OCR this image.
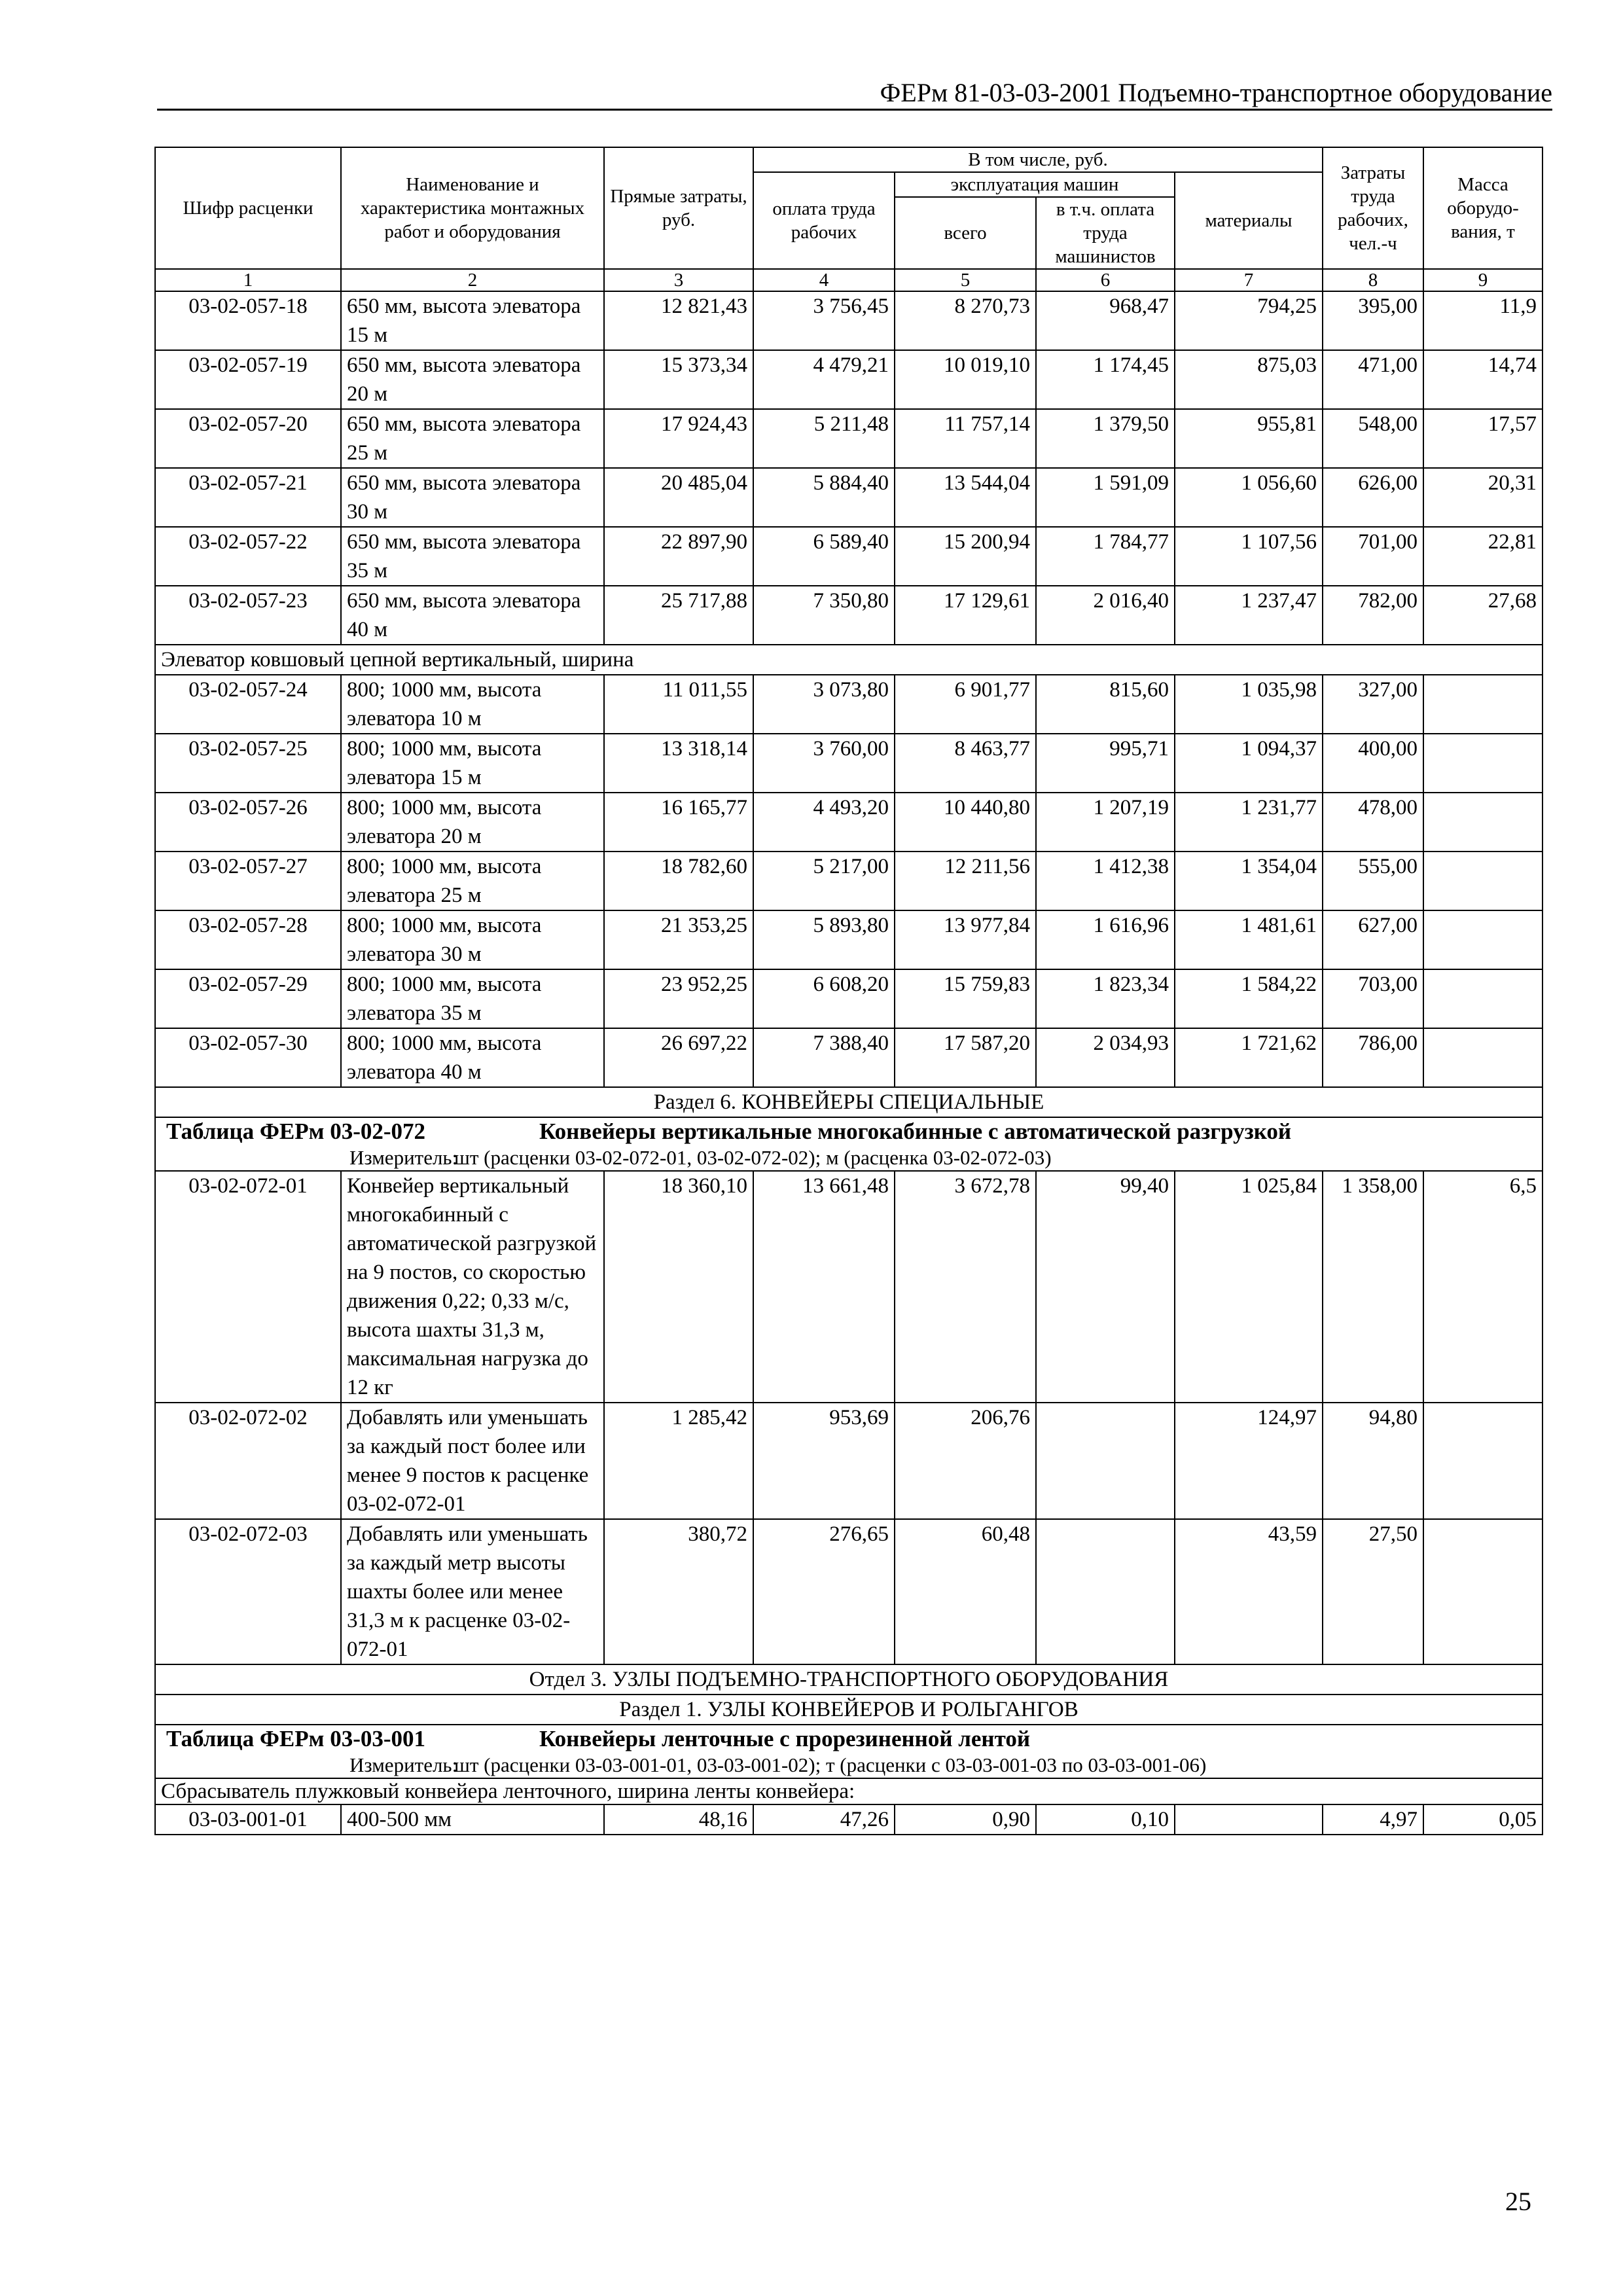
ФЕРм 81-03-03-2001 Подъемно-транспортное оборудование
Шифр расценки	Наименование и характеристика монтажных работ и оборудования	Прямые затраты, руб.	В том числе, руб.				Затраты труда рабочих, чел.-ч	Масса оборудо-вания, т
			оплата труда рабочих	эксплуатация машин		материалы		
				всего	в т.ч. оплата труда машинистов			
1	2	3	4	5	6	7	8	9
03-02-057-18	650 мм, высота элеватора 15 м	12 821,43	3 756,45	8 270,73	968,47	794,25	395,00	11,9
03-02-057-19	650 мм, высота элеватора 20 м	15 373,34	4 479,21	10 019,10	1 174,45	875,03	471,00	14,74
03-02-057-20	650 мм, высота элеватора 25 м	17 924,43	5 211,48	11 757,14	1 379,50	955,81	548,00	17,57
03-02-057-21	650 мм, высота элеватора 30 м	20 485,04	5 884,40	13 544,04	1 591,09	1 056,60	626,00	20,31
03-02-057-22	650 мм, высота элеватора 35 м	22 897,90	6 589,40	15 200,94	1 784,77	1 107,56	701,00	22,81
03-02-057-23	650 мм, высота элеватора 40 м	25 717,88	7 350,80	17 129,61	2 016,40	1 237,47	782,00	27,68
Элеватор ковшовый цепной вертикальный, ширина								
03-02-057-24	800; 1000 мм, высота элеватора 10 м	11 011,55	3 073,80	6 901,77	815,60	1 035,98	327,00	
03-02-057-25	800; 1000 мм, высота элеватора 15 м	13 318,14	3 760,00	8 463,77	995,71	1 094,37	400,00	
03-02-057-26	800; 1000 мм, высота элеватора 20 м	16 165,77	4 493,20	10 440,80	1 207,19	1 231,77	478,00	
03-02-057-27	800; 1000 мм, высота элеватора 25 м	18 782,60	5 217,00	12 211,56	1 412,38	1 354,04	555,00	
03-02-057-28	800; 1000 мм, высота элеватора 30 м	21 353,25	5 893,80	13 977,84	1 616,96	1 481,61	627,00	
03-02-057-29	800; 1000 мм, высота элеватора 35 м	23 952,25	6 608,20	15 759,83	1 823,34	1 584,22	703,00	
03-02-057-30	800; 1000 мм, высота элеватора 40 м	26 697,22	7 388,40	17 587,20	2 034,93	1 721,62	786,00	
Раздел 6. КОНВЕЙЕРЫ СПЕЦИАЛЬНЫЕ								

Таблица ФЕРм 03-02-072 Конвейеры вертикальные многокабинные с автоматической разгрузкой
Измеритель:
шт (расценки 03-02-072-01, 03-02-072-02); м (расценка 03-02-072-03)								

03-02-072-01	Конвейер вертикальный многокабинный с автоматической разгрузкой на 9 постов, со скоростью движения 0,22; 0,33 м/с, высота шахты 31,3 м, максимальная нагрузка до 12 кг	18 360,10	13 661,48	3 672,78	99,40	1 025,84	1 358,00	6,5
03-02-072-02	Добавлять или уменьшать за каждый пост более или менее 9 постов к расценке 03-02-072-01	1 285,42	953,69	206,76		124,97	94,80	
03-02-072-03	Добавлять или уменьшать за каждый метр высоты шахты более или менее 31,3 м к расценке 03-02-072-01	380,72	276,65	60,48		43,59	27,50	
Отдел 3. УЗЛЫ ПОДЪЕМНО-ТРАНСПОРТНОГО ОБОРУДОВАНИЯ								
Раздел 1. УЗЛЫ КОНВЕЙЕРОВ И РОЛЬГАНГОВ								

Таблица ФЕРм 03-03-001 Конвейеры ленточные с прорезиненной лентой
Измеритель:
шт (расценки 03-03-001-01, 03-03-001-02); т (расценки с 03-03-001-03 по 03-03-001-06)								

Сбрасыватель плужковый конвейера ленточного, ширина ленты конвейера:								
03-03-001-01	400-500 мм	48,16	47,26	0,90	0,10		4,97	0,05
25
